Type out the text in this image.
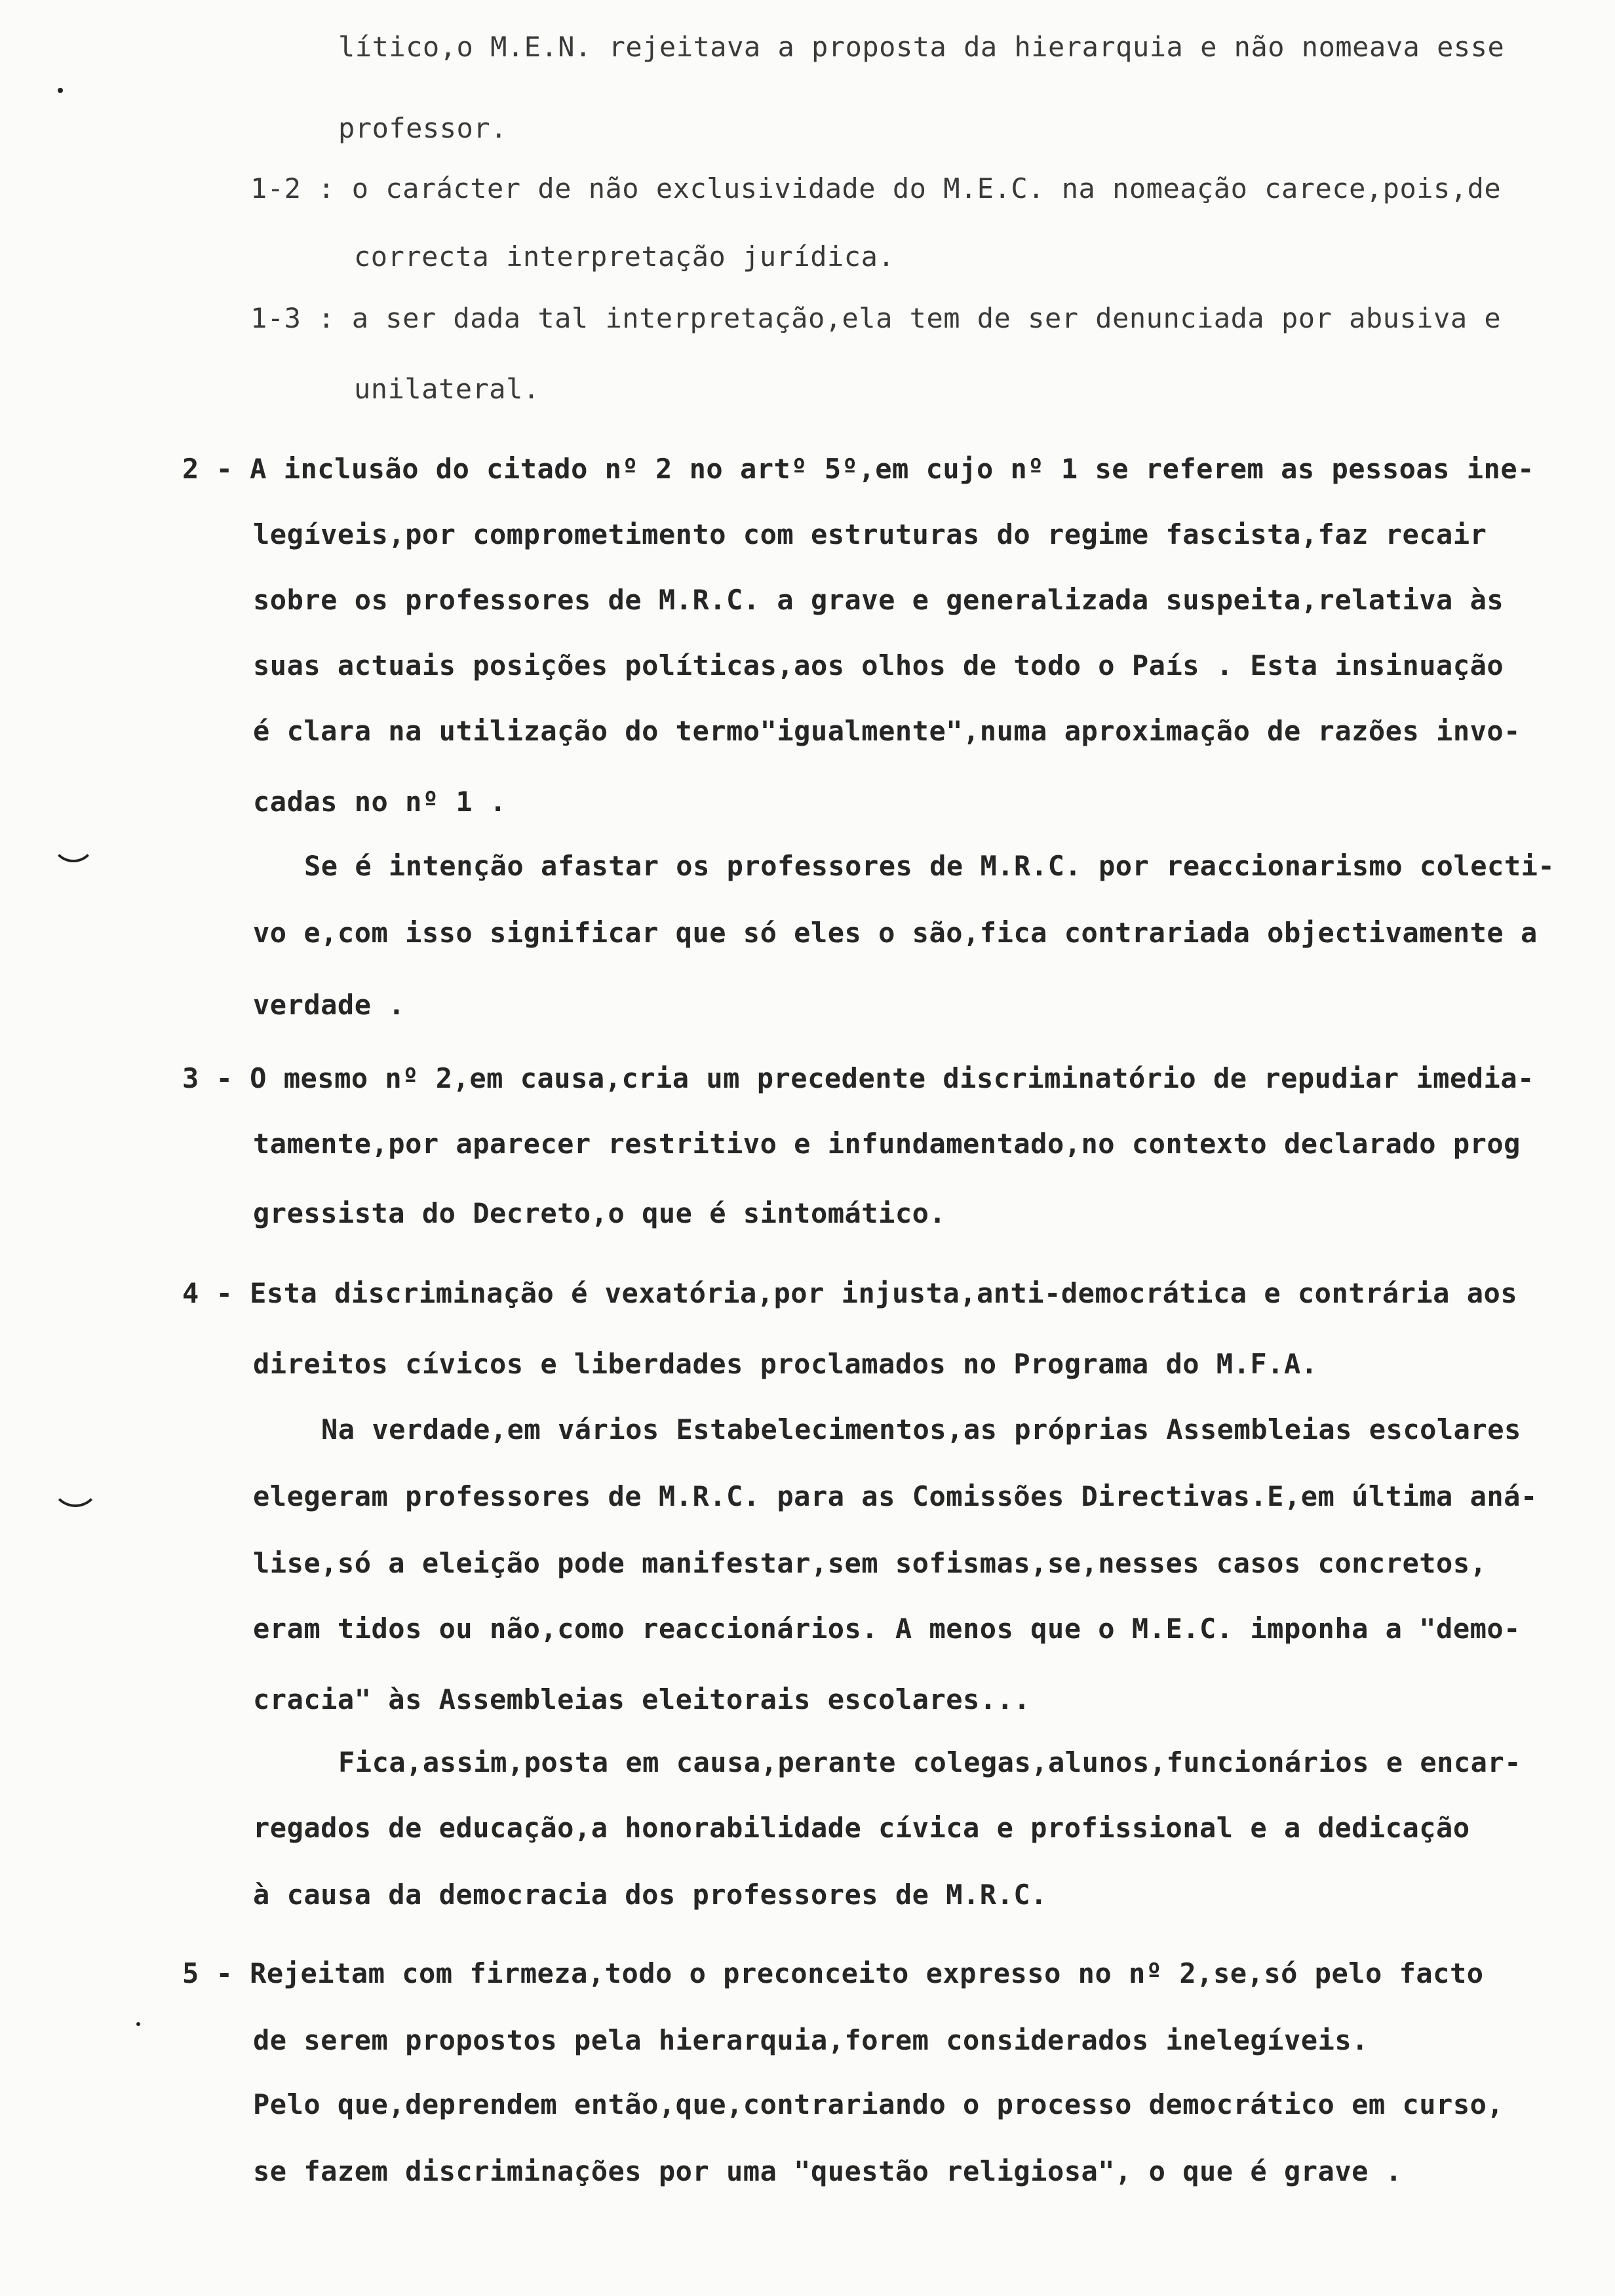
lítico,o M.E.N. rejeitava a proposta da hierarquia e não nomeava esse
professor.
1-2 : o carácter de não exclusividade do M.E.C. na nomeação carece,pois,de
correcta interpretação jurídica.
1-3 : a ser dada tal interpretação,ela tem de ser denunciada por abusiva e
unilateral.
2 - A inclusão do citado nº 2 no artº 5º,em cujo nº 1 se referem as pessoas ine-
legíveis,por comprometimento com estruturas do regime fascista,faz recair
sobre os professores de M.R.C. a grave e generalizada suspeita,relativa às
suas actuais posições políticas,aos olhos de todo o País . Esta insinuação
é clara na utilização do termo"igualmente",numa aproximação de razões invo-
cadas no nº 1 .
Se é intenção afastar os professores de M.R.C. por reaccionarismo colecti-
vo e,com isso significar que só eles o são,fica contrariada objectivamente a
verdade .
3 - O mesmo nº 2,em causa,cria um precedente discriminatório de repudiar imedia-
tamente,por aparecer restritivo e infundamentado,no contexto declarado prog
gressista do Decreto,o que é sintomático.
4 - Esta discriminação é vexatória,por injusta,anti-democrática e contrária aos
direitos cívicos e liberdades proclamados no Programa do M.F.A.
Na verdade,em vários Estabelecimentos,as próprias Assembleias escolares
elegeram professores de M.R.C. para as Comissões Directivas.E,em última aná-
lise,só a eleição pode manifestar,sem sofismas,se,nesses casos concretos,
eram tidos ou não,como reaccionários. A menos que o M.E.C. imponha a "demo-
cracia" às Assembleias eleitorais escolares...
Fica,assim,posta em causa,perante colegas,alunos,funcionários e encar-
regados de educação,a honorabilidade cívica e profissional e a dedicação
à causa da democracia dos professores de M.R.C.
5 - Rejeitam com firmeza,todo o preconceito expresso no nº 2,se,só pelo facto
de serem propostos pela hierarquia,forem considerados inelegíveis.
Pelo que,deprendem então,que,contrariando o processo democrático em curso,
se fazem discriminações por uma "questão religiosa", o que é grave .
